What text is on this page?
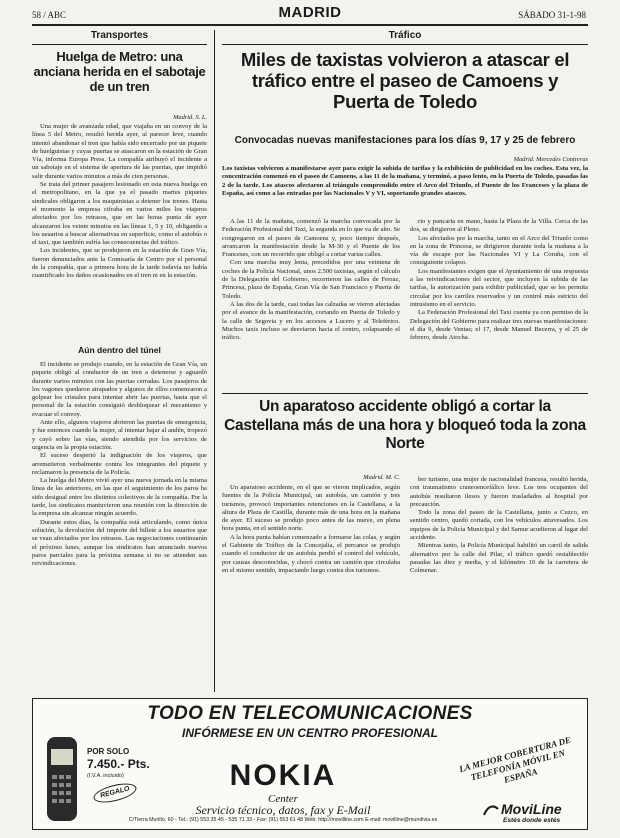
58 / ABC	MADRID	SÁBADO 31-1-98
Transportes
Huelga de Metro: una anciana herida en el sabotaje de un tren
Madrid. S. L.

Una mujer de avanzada edad, que viajaba en un convoy de la línea 5 del Metro, resultó herida ayer, al parecer leve, cuando intentó abandonar el tren que había sido encerrado por un piquete de huelguistas y cuyas puertas se atascaron en la estación de Gran Vía, informa Europa Press. La compañía atribuyó el incidente a un sabotaje en el sistema de apertura de las puertas, que impidió salir durante varios minutos a más de cien personas.

Se trata del primer pasajero lesionado en esta nueva huelga en el metropolitano, en la que ya el pasado martes piquetes sindicales obligaron a los maquinistas a detener los trenes. Hasta el momento la empresa cifraba en varios miles los viajeros afectados por los retrasos, que en las horas punta de ayer alcanzaron los veinte minutos en las líneas 1, 5 y 10, obligando a los usuarios a buscar alternativas en superficie, como el autobús o el taxi, que también sufría las consecuencias del tráfico.

Los incidentes, que se produjeron en la estación de Gran Vía, fueron denunciados ante la Comisaría de Centro por el personal de la compañía, que a primera hora de la tarde todavía no había cuantificado los daños ocasionados en el tren ni en la estación.

Aún dentro del túnel

El incidente se produjo cuando, en la estación de Gran Vía, un piquete obligó al conductor de un tren a detenerse y aguardó durante varios minutos con las puertas cerradas. Los pasajeros de los vagones quedaron atrapados y algunos de ellos comenzaron a golpear los cristales para intentar abrir las puertas, hasta que el personal de la estación consiguió desbloquear el mecanismo y evacuar el convoy.

Ante ello, algunos viajeros abrieron las puertas de emergencia, y fue entonces cuando la mujer, al intentar bajar al andén, tropezó y cayó sobre las vías, siendo atendida por los servicios de urgencia en la propia estación.

El suceso despertó la indignación de los viajeros, que arremetieron verbalmente contra los integrantes del piquete y reclamaron la presencia de la Policía.

La huelga del Metro vivió ayer una nueva jornada en la misma línea de las anteriores, en las que el seguimiento de los paros ha sido desigual entre los distintos colectivos de la compañía. Por la tarde, los sindicatos mantuvieron una reunión con la dirección de la empresa sin alcanzar ningún acuerdo.

Durante estos días, la compañía está articulando, como única solución, la devolución del importe del billete a los usuarios que se vean afectados por los retrasos. Las negociaciones continuarán el próximo lunes, aunque los sindicatos han anunciado nuevos paros parciales para la próxima semana si no se atienden sus reivindicaciones.

Tráfico
Miles de taxistas volvieron a atascar el tráfico entre el paseo de Camoens y Puerta de Toledo
Convocadas nuevas manifestaciones para los días 9, 17 y 25 de febrero
Madrid. Mercedes Contreras
Los taxistas volvieron a manifestarse ayer para exigir la subida de tarifas y la exhibición de publicidad en los coches. Esta vez, la concentración comenzó en el paseo de Camoens, a las 11 de la mañana, y terminó, a paso lento, en la Puerta de Toledo, pasadas las 2 de la tarde. Los atascos afectaron al triángulo comprendido entre el Arco del Triunfo, el Puente de los Franceses y la plaza de España, así como a las entradas por las Nacionales V y VI, soportando grandes atascos.

A las 11 de la mañana, comenzó la marcha convocada por la Federación Profesional del Taxi, la segunda en lo que va de año. Se congregaron en el paseo de Camoens y, poco tiempo después, arrancaron la manifestación desde la M-30 y el Puente de los Franceses, con un recorrido que obligó a cortar varias calles.

Con una marcha muy lenta, precedidos por una veintena de coches de la Policía Nacional, unos 2.500 taxistas, según el cálculo de la Delegación del Gobierno, recorrieron las calles de Ferraz, Princesa, plaza de España, Gran Vía de San Francisco y Puerta de Toledo.

A las dos de la tarde, casi todas las calzadas se vieron afectadas por el avance de la manifestación, cortando en Puerta de Toledo y la calle de Segovia y en los accesos a Lucero y al Teleférico. Muchos taxis incluso se desviaron hacia el centro, colapsando el tráfico.

rio y pancarta en mano, hasta la Plaza de la Villa. Cerca de las dos, se dirigieron al Pleno.

Los afectados por la marcha, tanto en el Arco del Triunfo como en la zona de Princesa, se dirigieron durante toda la mañana a la vía de escape por las Nacionales VI y La Coruña, con el consiguiente colapso.

Los manifestantes exigen que el Ayuntamiento dé una respuesta a las reivindicaciones del sector, que incluyen la subida de las tarifas, la autorización para exhibir publicidad, que se les permita circular por los carriles reservados y un control más estricto del intrusismo en el servicio.

La Federación Profesional del Taxi cuenta ya con permiso de la Delegación del Gobierno para realizar tres nuevas manifestaciones: el día 9, desde Ventas; el 17, desde Manuel Becerra, y el 25 de febrero, desde Atocha.

Un aparatoso accidente obligó a cortar la Castellana más de una hora y bloqueó toda la zona Norte
Madrid. M. C.

Un aparatoso accidente, en el que se vieron implicados, según fuentes de la Policía Municipal, un autobús, un camión y tres turismos, provocó importantes retenciones en la Castellana, a la altura de Plaza de Castilla, durante más de una hora en la mañana de ayer. El suceso se produjo poco antes de las nueve, en plena hora punta, en el sentido norte.

A la hora punta habían comenzado a formarse las colas, y según el Gabinete de Tráfico de la Concejalía, el percance se produjo cuando el conductor de un autobús perdió el control del vehículo, por causas desconocidas, y chocó contra un camión que circulaba en el mismo sentido, impactando luego contra dos turismos.

ber turismo, una mujer de nacionalidad francesa, resultó herida, con traumatismo craneoencefálico leve. Los tres ocupantes del autobús resultaron ilesos y fueron trasladados al hospital por precaución.

Todo la zona del paseo de la Castellana, junto a Cuzco, en sentido centro, quedó cortada, con los vehículos atravesados. Los equipos de la Policía Municipal y del Samur acudieron al lugar del accidente.

Mientras tanto, la Policía Municipal habilitó un carril de salida alternativo por la calle del Pilar, el tráfico quedó restablecido pasadas las diez y media, y el kilómetro 10 de la carretera de Colmenar.

TODO EN TELECOMUNICACIONES
INFÓRMESE EN UN CENTRO PROFESIONAL
POR SOLO
7.450.- Pts.
(I.V.A. incluido)
REGALO
NOKIA
Center
Servicio técnico, datos, fax y E-Mail
C/Tierra Murillo, 60 - Tel.: (91) 553 35 45 - 535 71 33 - Fax: (91) 553 61 48 Web: http://movilline.com E-mail: movilline@mundivia.es
LA MEJOR COBERTURA DE TELEFONÍA MÓVIL EN ESPAÑA
MoviLine
Estés donde estés
